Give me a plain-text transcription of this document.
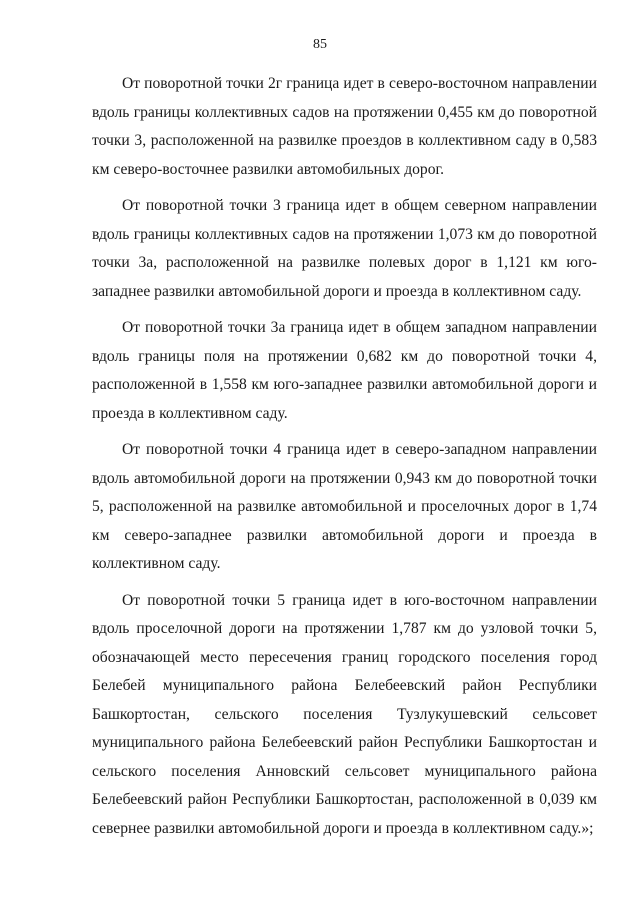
85

От поворотной точки 2г граница идет в северо-восточном направлении вдоль границы коллективных садов на протяжении 0,455 км до поворотной точки 3, расположенной на развилке проездов в коллективном саду в 0,583 км северо-восточнее развилки автомобильных дорог.

От поворотной точки 3 граница идет в общем северном направлении вдоль границы коллективных садов на протяжении 1,073 км до поворотной точки 3а, расположенной на развилке полевых дорог в 1,121 км юго-западнее развилки автомобильной дороги и проезда в коллективном саду.

От поворотной точки 3а граница идет в общем западном направлении вдоль границы поля на протяжении 0,682 км до поворотной точки 4, расположенной в 1,558 км юго-западнее развилки автомобильной дороги и проезда в коллективном саду.

От поворотной точки 4 граница идет в северо-западном направлении вдоль автомобильной дороги на протяжении 0,943 км до поворотной точки 5, расположенной на развилке автомобильной и проселочных дорог в 1,74 км северо-западнее развилки автомобильной дороги и проезда в коллективном саду.

От поворотной точки 5 граница идет в юго-восточном направлении вдоль проселочной дороги на протяжении 1,787 км до узловой точки 5, обозначающей место пересечения границ городского поселения город Белебей муниципального района Белебеевский район Республики Башкортостан, сельского поселения Тузлукушевский сельсовет муниципального района Белебеевский район Республики Башкортостан и сельского поселения Анновский сельсовет муниципального района Белебеевский район Республики Башкортостан, расположенной в 0,039 км севернее развилки автомобильной дороги и проезда в коллективном саду.»;
